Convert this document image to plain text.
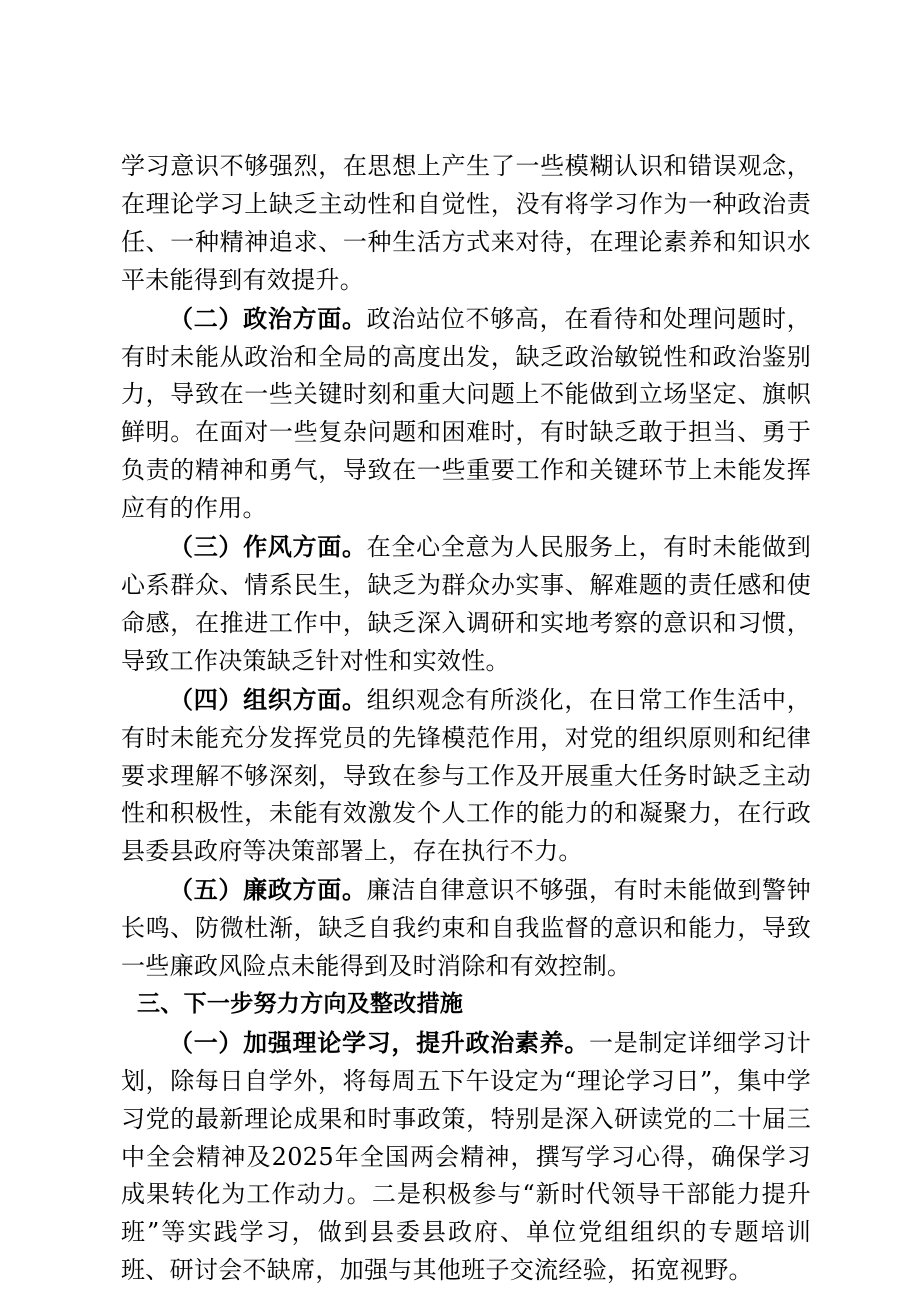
学习意识不够强烈，在思想上产生了一些模糊认识和错误观念，在理论学习上缺乏主动性和自觉性，没有将学习作为一种政治责任、一种精神追求、一种生活方式来对待，在理论素养和知识水平未能得到有效提升。

（二）政治方面。政治站位不够高，在看待和处理问题时，有时未能从政治和全局的高度出发，缺乏政治敏锐性和政治鉴别力，导致在一些关键时刻和重大问题上不能做到立场坚定、旗帜鲜明。在面对一些复杂问题和困难时，有时缺乏敢于担当、勇于负责的精神和勇气，导致在一些重要工作和关键环节上未能发挥应有的作用。

（三）作风方面。在全心全意为人民服务上，有时未能做到心系群众、情系民生，缺乏为群众办实事、解难题的责任感和使命感，在推进工作中，缺乏深入调研和实地考察的意识和习惯，导致工作决策缺乏针对性和实效性。

（四）组织方面。组织观念有所淡化，在日常工作生活中，有时未能充分发挥党员的先锋模范作用，对党的组织原则和纪律要求理解不够深刻，导致在参与工作及开展重大任务时缺乏主动性和积极性，未能有效激发个人工作的能力的和凝聚力，在行政县委县政府等决策部署上，存在执行不力。

（五）廉政方面。廉洁自律意识不够强，有时未能做到警钟长鸣、防微杜渐，缺乏自我约束和自我监督的意识和能力，导致一些廉政风险点未能得到及时消除和有效控制。

三、下一步努力方向及整改措施

（一）加强理论学习，提升政治素养。一是制定详细学习计划，除每日自学外，将每周五下午设定为“理论学习日”，集中学习党的最新理论成果和时事政策，特别是深入研读党的二十届三中全会精神及2025年全国两会精神，撰写学习心得，确保学习成果转化为工作动力。二是积极参与“新时代领导干部能力提升班”等实践学习，做到县委县政府、单位党组组织的专题培训班、研讨会不缺席，加强与其他班子交流经验，拓宽视野。
